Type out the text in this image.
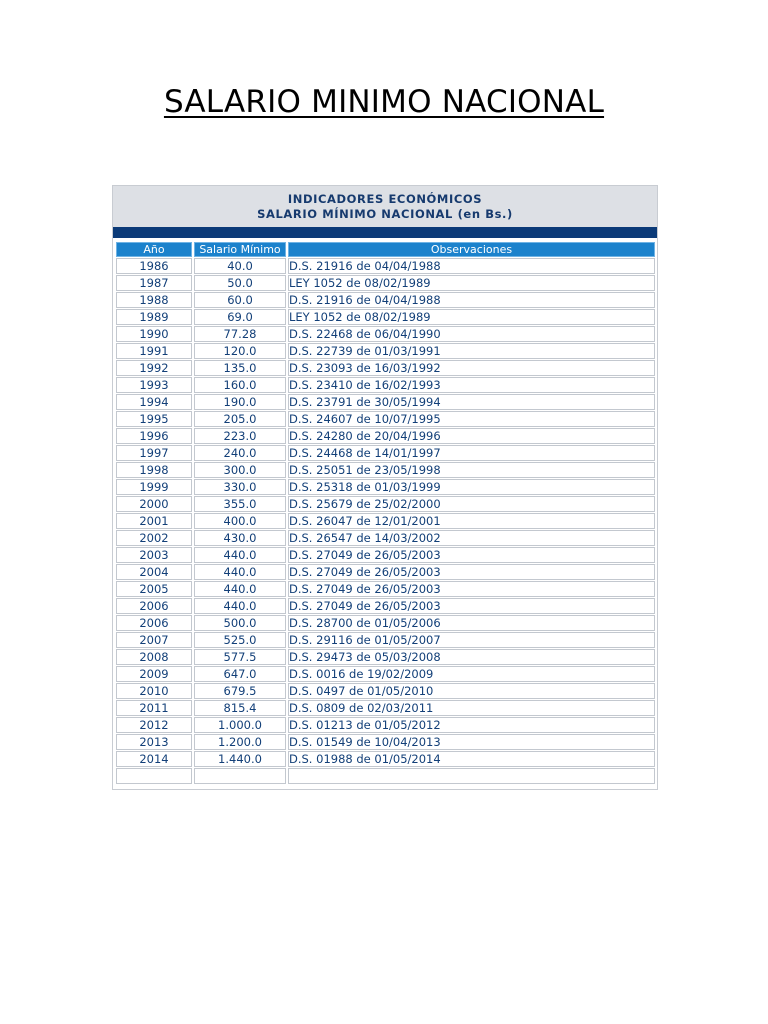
SALARIO MINIMO NACIONAL
INDICADORES ECONÓMICOS
SALARIO MÍNIMO NACIONAL (en Bs.)
Año	Salario Mínimo	Observaciones
1986	40.0	D.S. 21916 de 04/04/1988
1987	50.0	LEY 1052 de 08/02/1989
1988	60.0	D.S. 21916 de 04/04/1988
1989	69.0	LEY 1052 de 08/02/1989
1990	77.28	D.S. 22468 de 06/04/1990
1991	120.0	D.S. 22739 de 01/03/1991
1992	135.0	D.S. 23093 de 16/03/1992
1993	160.0	D.S. 23410 de 16/02/1993
1994	190.0	D.S. 23791 de 30/05/1994
1995	205.0	D.S. 24607 de 10/07/1995
1996	223.0	D.S. 24280 de 20/04/1996
1997	240.0	D.S. 24468 de 14/01/1997
1998	300.0	D.S. 25051 de 23/05/1998
1999	330.0	D.S. 25318 de 01/03/1999
2000	355.0	D.S. 25679 de 25/02/2000
2001	400.0	D.S. 26047 de 12/01/2001
2002	430.0	D.S. 26547 de 14/03/2002
2003	440.0	D.S. 27049 de 26/05/2003
2004	440.0	D.S. 27049 de 26/05/2003
2005	440.0	D.S. 27049 de 26/05/2003
2006	440.0	D.S. 27049 de 26/05/2003
2006	500.0	D.S. 28700 de 01/05/2006
2007	525.0	D.S. 29116 de 01/05/2007
2008	577.5	D.S. 29473 de 05/03/2008
2009	647.0	D.S. 0016 de 19/02/2009
2010	679.5	D.S. 0497 de 01/05/2010
2011	815.4	D.S. 0809 de 02/03/2011
2012	1.000.0	D.S. 01213 de 01/05/2012
2013	1.200.0	D.S. 01549 de 10/04/2013
2014	1.440.0	D.S. 01988 de 01/05/2014
